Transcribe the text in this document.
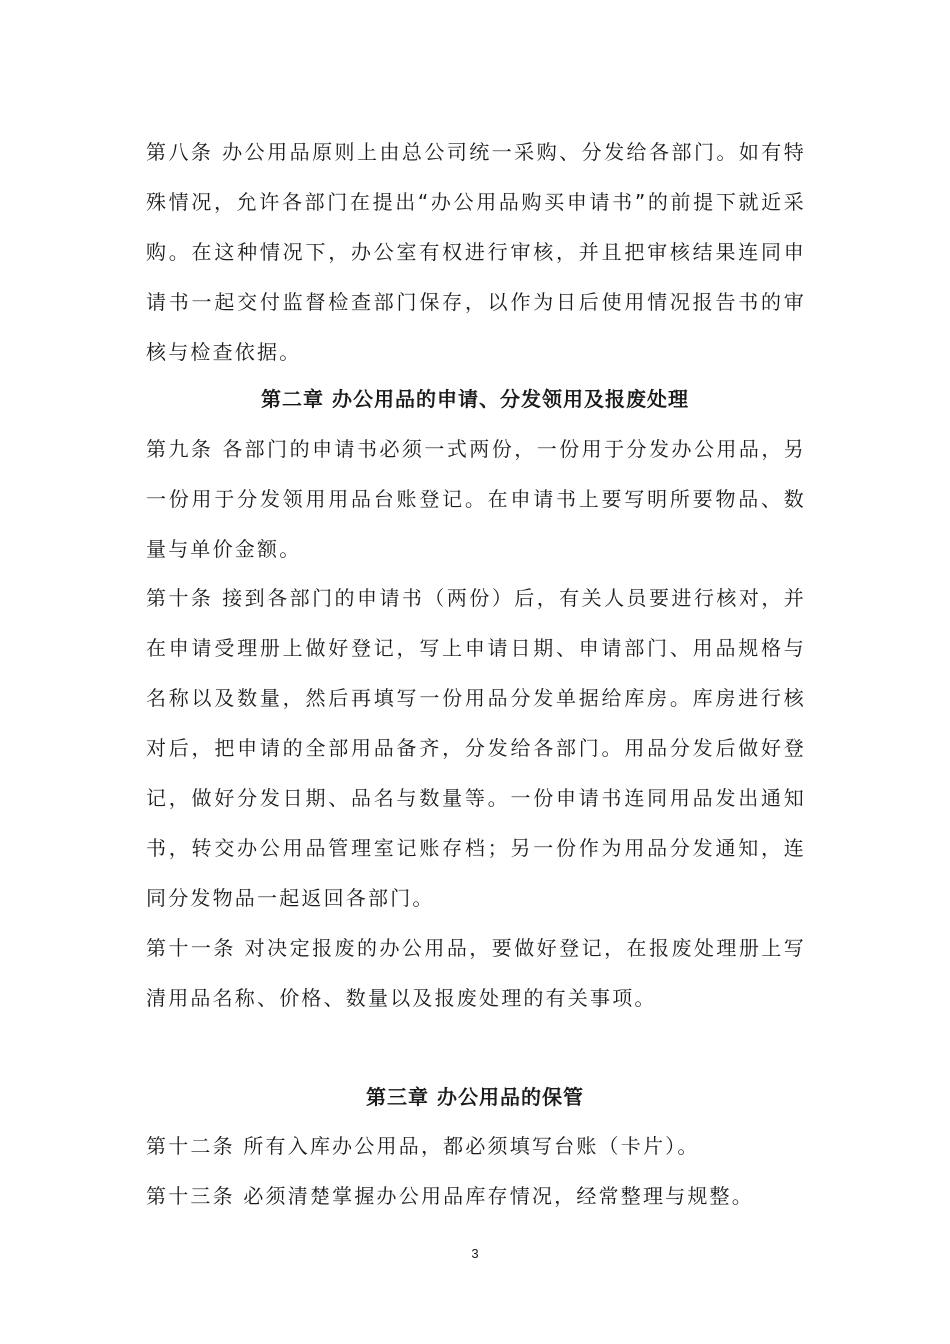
第八条 办公用品原则上由总公司统一采购、分发给各部门。如有特殊情况，允许各部门在提出“办公用品购买申请书”的前提下就近采购。在这种情况下，办公室有权进行审核，并且把审核结果连同申请书一起交付监督检查部门保存，以作为日后使用情况报告书的审核与检查依据。

第二章 办公用品的申请、分发领用及报废处理

第九条 各部门的申请书必须一式两份，一份用于分发办公用品，另一份用于分发领用用品台账登记。在申请书上要写明所要物品、数量与单价金额。

第十条 接到各部门的申请书（两份）后，有关人员要进行核对，并在申请受理册上做好登记，写上申请日期、申请部门、用品规格与名称以及数量，然后再填写一份用品分发单据给库房。库房进行核对后，把申请的全部用品备齐，分发给各部门。用品分发后做好登记，做好分发日期、品名与数量等。一份申请书连同用品发出通知书，转交办公用品管理室记账存档；另一份作为用品分发通知，连同分发物品一起返回各部门。

第十一条 对决定报废的办公用品，要做好登记，在报废处理册上写清用品名称、价格、数量以及报废处理的有关事项。

第三章 办公用品的保管

第十二条 所有入库办公用品，都必须填写台账（卡片）。

第十三条 必须清楚掌握办公用品库存情况，经常整理与规整。

3
